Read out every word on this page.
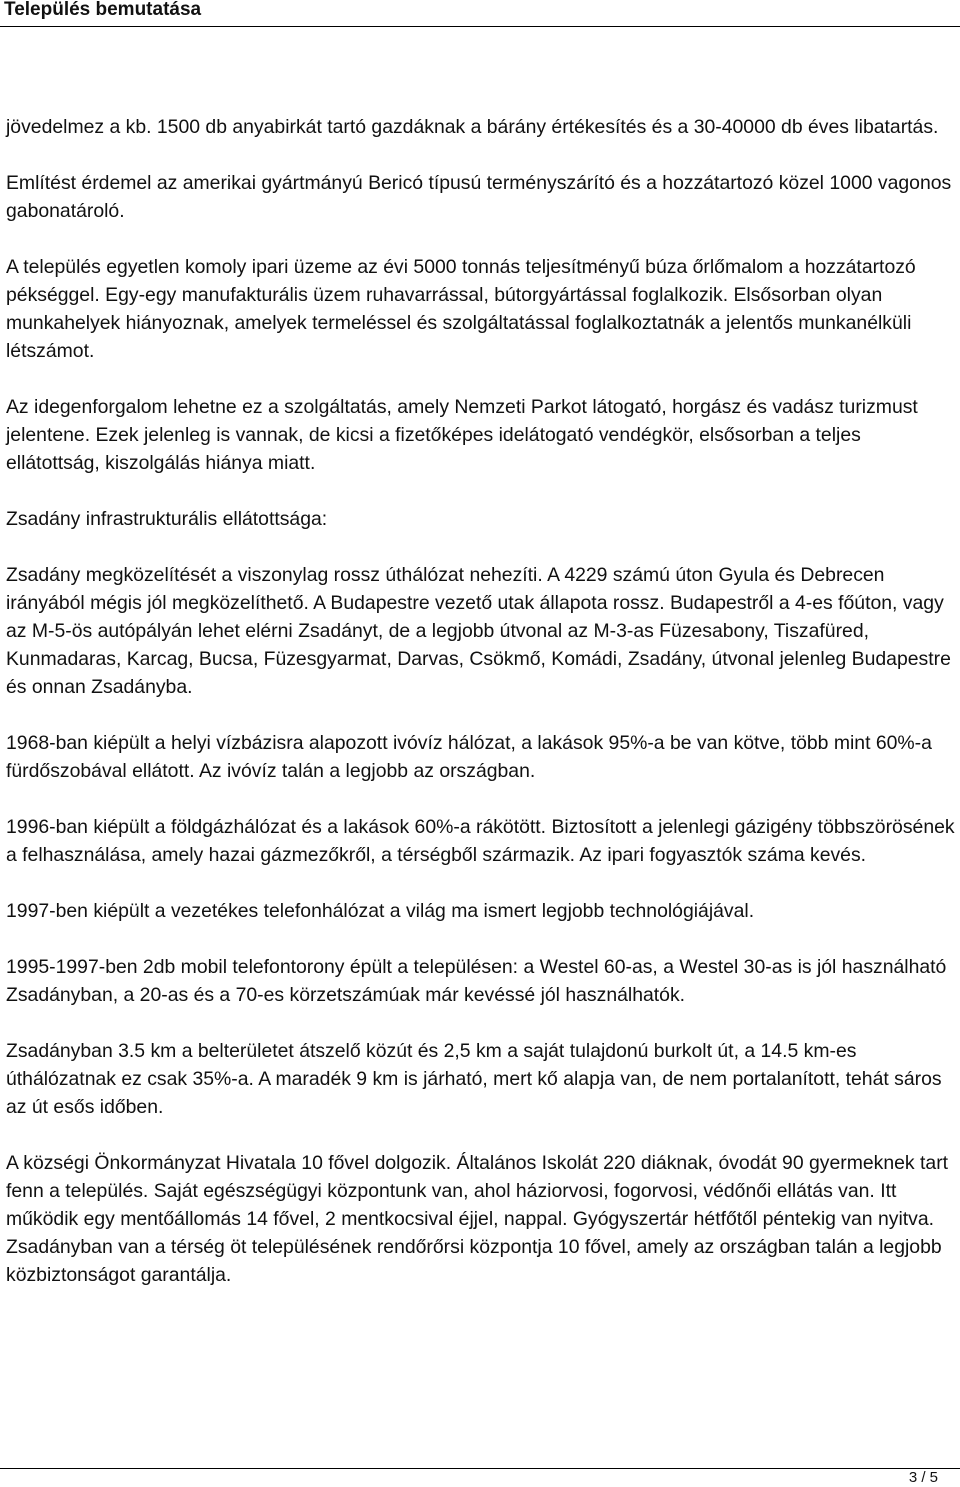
Település bemutatása

jövedelmez a kb. 1500 db anyabirkát tartó gazdáknak a bárány értékesítés és a 30-40000 db éves libatartás.

Említést érdemel az amerikai gyártmányú Bericó típusú terményszárító és a hozzátartozó közel 1000 vagonos gabonatároló.

A település egyetlen komoly ipari üzeme az évi 5000 tonnás teljesítményű búza őrlőmalom a hozzátartozó pékséggel. Egy-egy manufakturális üzem ruhavarrással, bútorgyártással foglalkozik. Elsősorban olyan munkahelyek hiányoznak, amelyek termeléssel és szolgáltatással foglalkoztatnák a jelentős munkanélküli létszámot.

Az idegenforgalom lehetne ez a szolgáltatás, amely Nemzeti Parkot látogató, horgász és vadász turizmust jelentene. Ezek jelenleg is vannak, de kicsi a fizetőképes idelátogató vendégkör, elsősorban a teljes ellátottság, kiszolgálás hiánya miatt.

Zsadány infrastrukturális ellátottsága:

Zsadány megközelítését a viszonylag rossz úthálózat nehezíti. A 4229 számú úton Gyula és Debrecen irányából mégis jól megközelíthető. A Budapestre vezető utak állapota rossz. Budapestről a 4-es főúton, vagy az M-5-ös autópályán lehet elérni Zsadányt, de a legjobb útvonal az M-3-as Füzesabony, Tiszafüred, Kunmadaras, Karcag, Bucsa, Füzesgyarmat, Darvas, Csökmő, Komádi, Zsadány, útvonal jelenleg Budapestre és onnan Zsadányba.

1968-ban kiépült a helyi vízbázisra alapozott ivóvíz hálózat, a lakások 95%-a be van kötve, több mint 60%-a fürdőszobával ellátott. Az ivóvíz talán a legjobb az országban.

1996-ban kiépült a földgázhálózat és a lakások 60%-a rákötött. Biztosított a jelenlegi gázigény többszörösének a felhasználása, amely hazai gázmezőkről, a térségből származik. Az ipari fogyasztók száma kevés.

1997-ben kiépült a vezetékes telefonhálózat a világ ma ismert legjobb technológiájával.

1995-1997-ben 2db mobil telefontorony épült a településen: a Westel 60-as, a Westel 30-as is jól használható Zsadányban, a 20-as és a 70-es körzetszámúak már kevéssé jól használhatók.

Zsadányban 3.5 km a belterületet átszelő közút és 2,5 km a saját tulajdonú burkolt út, a 14.5 km-es úthálózatnak ez csak 35%-a. A maradék 9 km is járható, mert kő alapja van, de nem portalanított, tehát sáros az út esős időben.

A községi Önkormányzat Hivatala 10 fővel dolgozik. Általános Iskolát 220 diáknak, óvodát 90 gyermeknek tart fenn a település. Saját egészségügyi központunk van, ahol háziorvosi, fogorvosi, védőnői ellátás van. Itt működik egy mentőállomás 14 fővel, 2 mentkocsival éjjel, nappal. Gyógyszertár hétfőtől péntekig van nyitva.

Zsadányban van a térség öt településének rendőrőrsi központja 10 fővel, amely az országban talán a legjobb közbiztonságot garantálja.

3 / 5
